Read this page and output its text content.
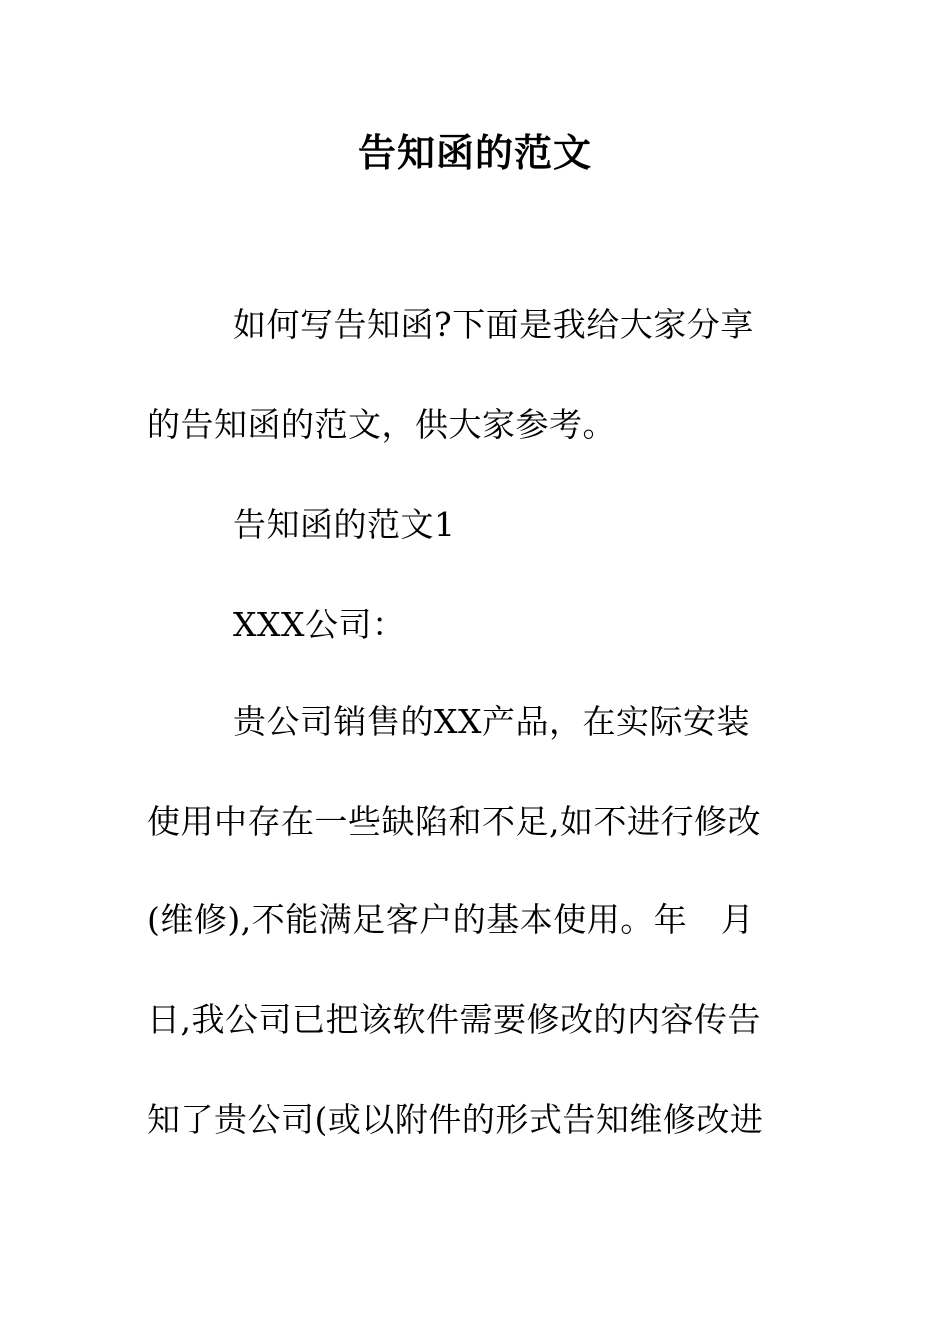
告知函的范文

如何写告知函?下面是我给大家分享

的告知函的范文，供大家参考。

告知函的范文1

XXX公司：

贵公司销售的XX产品，在实际安装

使用中存在一些缺陷和不足,如不进行修改

(维修),不能满足客户的基本使用。年　月

日,我公司已把该软件需要修改的内容传告

知了贵公司(或以附件的形式告知维修改进
